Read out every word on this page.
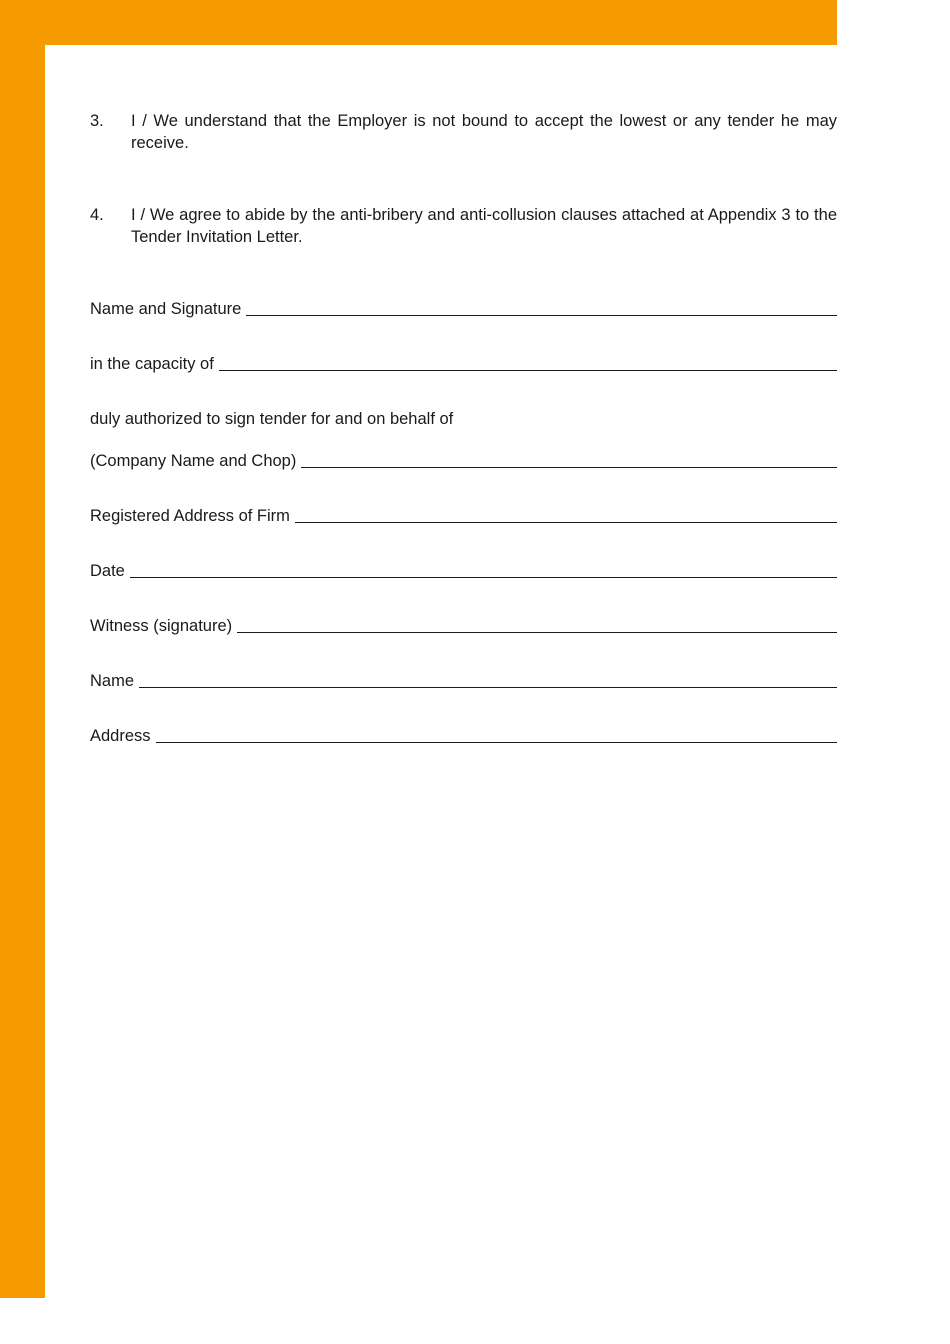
3.	I / We understand that the Employer is not bound to accept the lowest or any tender he may receive.
4.	I / We agree to abide by the anti-bribery and anti-collusion clauses attached at Appendix 3 to the Tender Invitation Letter.
Name and Signature
in the capacity of
duly authorized to sign tender for and on behalf of
(Company Name and Chop)
Registered Address of Firm
Date
Witness (signature)
Name
Address
